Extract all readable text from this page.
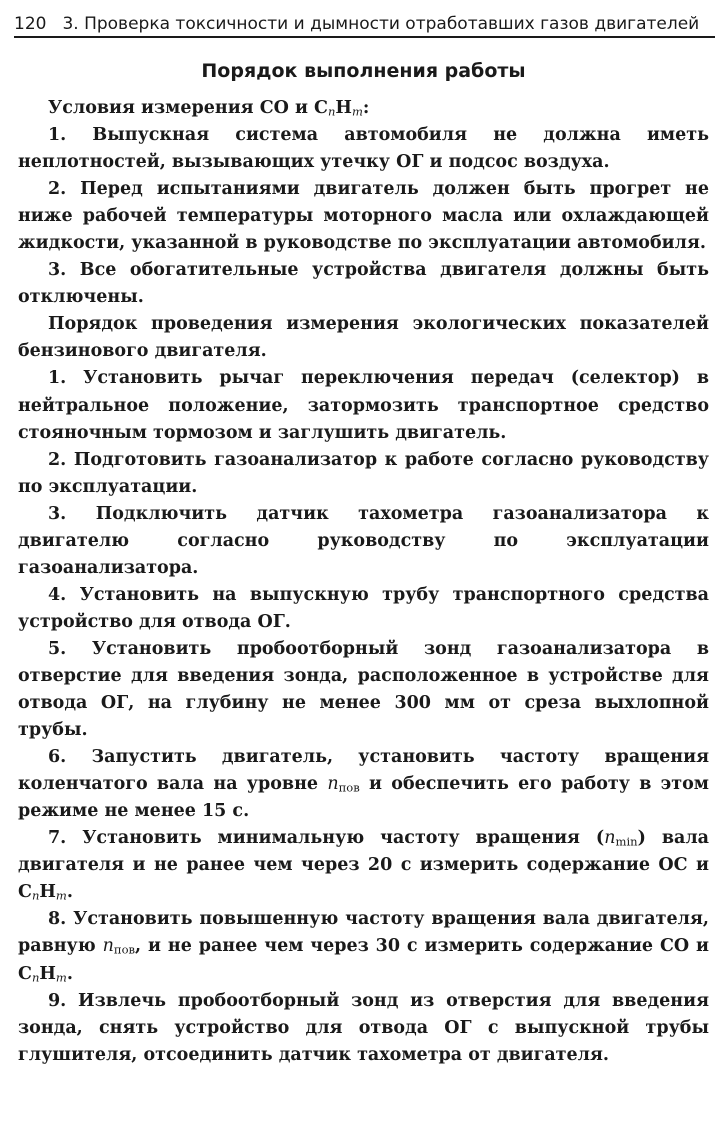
120 3. Проверка токсичности и дымности отработавших газов двигателей
Порядок выполнения работы

Условия измерения CO и $C_nH_m$:

1. Выпускная система автомобиля не должна иметь неплотностей, вызывающих утечку ОГ и подсос воздуха.

2. Перед испытаниями двигатель должен быть прогрет не ниже рабочей температуры моторного масла или охлаждающей жидкости, указанной в руководстве по эксплуатации автомобиля.

3. Все обогатительные устройства двигателя должны быть отключены.

Порядок проведения измерения экологических показателей бензинового двигателя.

1. Установить рычаг переключения передач (селектор) в нейтральное положение, затормозить транспортное средство стояночным тормозом и заглушить двигатель.

2. Подготовить газоанализатор к работе согласно руководству по эксплуатации.

3. Подключить датчик тахометра газоанализатора к двигателю согласно руководству по эксплуатации газоанализатора.

4. Установить на выпускную трубу транспортного средства устройство для отвода ОГ.

5. Установить пробоотборный зонд газоанализатора в отверстие для введения зонда, расположенное в устройстве для отвода ОГ, на глубину не менее 300 мм от среза выхлопной трубы.

6. Запустить двигатель, установить частоту вращения коленчатого вала на уровне nпов и обеспечить его работу в этом режиме не менее 15 с.

7. Установить минимальную частоту вращения (nmin) вала двигателя и не ранее чем через 20 с измерить содержание ОС и $C_nH_m$.

8. Установить повышенную частоту вращения вала двигателя, равную nпов, и не ранее чем через 30 с измерить содержание CO и $C_nH_m$.

9. Извлечь пробоотборный зонд из отверстия для введения зонда, снять устройство для отвода ОГ с выпускной трубы глушителя, отсоединить датчик тахометра от двигателя.
